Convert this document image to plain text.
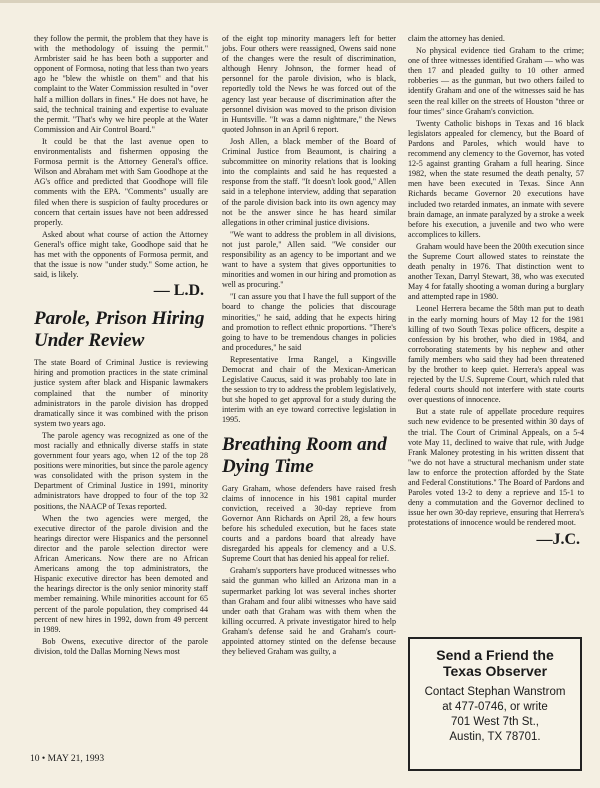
they follow the permit, the problem that they have is with the methodology of issuing the permit." Armbrister said he has been both a supporter and opponent of Formosa, noting that less than two years ago he "blew the whistle on them" and that his complaint to the Water Commission resulted in "over half a million dollars in fines." He does not have, he said, the technical training and expertise to evaluate the permit. "That's why we hire people at the Water Commission and Air Control Board."

It could be that the last avenue open to environmentalists and fishermen opposing the Formosa permit is the Attorney General's office. Wilson and Abraham met with Sam Goodhope at the AG's office and predicted that Goodhope will file comments with the EPA. "Comments" usually are filed when there is suspicion of faulty procedures or concern that certain issues have not been addressed properly.

Asked about what course of action the Attorney General's office might take, Goodhope said that he has met with the opponents of Formosa permit, and that the issue is now "under study." Some action, he said, is likely.

— L.D.
Parole, Prison Hiring Under Review

The state Board of Criminal Justice is reviewing hiring and promotion practices in the state criminal justice system after black and Hispanic lawmakers complained that the number of minority administrators in the parole division has dropped dramatically since it was combined with the prison system two years ago.

The parole agency was recognized as one of the most racially and ethnically diverse staffs in state government four years ago, when 12 of the top 28 positions were minorities, but since the parole agency was consolidated with the prison system in the Department of Criminal Justice in 1991, minority administrators have dropped to four of the top 32 positions, the NAACP of Texas reported.

When the two agencies were merged, the executive director of the parole division and the hearings director were Hispanics and the personnel director and the parole selection director were African Americans. Now there are no African Americans among the top administrators, the Hispanic executive director has been demoted and the hearings director is the only senior minority staff member remaining. While minorities account for 65 percent of the parole population, they comprised 44 percent of new hires in 1992, down from 49 percent in 1989.

Bob Owens, executive director of the parole division, told the Dallas Morning News most

of the eight top minority managers left for better jobs. Four others were reassigned, Owens said none of the changes were the result of discrimination, although Henry Johnson, the former head of personnel for the parole division, who is black, reportedly told the News he was forced out of the agency last year because of discrimination after the personnel division was moved to the prison division in Huntsville. "It was a damn nightmare," the News quoted Johnson in an April 6 report.

Josh Allen, a black member of the Board of Criminal Justice from Beaumont, is chairing a subcommittee on minority relations that is looking into the complaints and said he has requested a response from the staff. "It doesn't look good," Allen said in a telephone interview, adding that separation of the parole division back into its own agency may not be the answer since he has heard similar allegations in other criminal justice divisions.

"We want to address the problem in all divisions, not just parole," Allen said. "We consider our responsibility as an agency to be important and we want to have a system that gives opportunities to minorities and women in our hiring and promotion as well as procuring."

"I can assure you that I have the full support of the board to change the policies that discourage minorities," he said, adding that he expects hiring and promotion to reflect ethnic proportions. "There's going to have to be tremendous changes in policies and procedures," he said

Representative Irma Rangel, a Kingsville Democrat and chair of the Mexican-American Legislative Caucus, said it was probably too late in the session to try to address the problem legislatively, but she hoped to get approval for a study during the interim with an eye toward corrective legislation in 1995.

Breathing Room and Dying Time

Gary Graham, whose defenders have raised fresh claims of innocence in his 1981 capital murder conviction, received a 30-day reprieve from Governor Ann Richards on April 28, a few hours before his scheduled execution, but he faces state courts and a pardons board that already have disregarded his appeals for clemency and a U.S. Supreme Court that has denied his appeal for relief.

Graham's supporters have produced witnesses who said the gunman who killed an Arizona man in a supermarket parking lot was several inches shorter than Graham and four alibi witnesses who have said under oath that Graham was with them when the killing occurred. A private investigator hired to help Graham's defense said he and Graham's court-appointed attorney stinted on the defense because they believed Graham was guilty, a

claim the attorney has denied.

No physical evidence tied Graham to the crime; one of three witnesses identified Graham — who was then 17 and pleaded guilty to 10 other armed robberies — as the gunman, but two others failed to identify Graham and one of the witnesses said he has seen the real killer on the streets of Houston "three or four times" since Graham's conviction.

Twenty Catholic bishops in Texas and 16 black legislators appealed for clemency, but the Board of Pardons and Paroles, which would have to recommend any clemency to the Governor, has voted 12-5 against granting Graham a full hearing. Since 1982, when the state resumed the death penalty, 57 men have been executed in Texas. Since Ann Richards became Governor 20 executions have included two retarded inmates, an inmate with severe brain damage, an inmate paralyzed by a stroke a week before his execution, a juvenile and two who were accomplices to killers.

Graham would have been the 200th execution since the Supreme Court allowed states to reinstate the death penalty in 1976. That distinction went to another Texan, Darryl Stewart, 38, who was executed May 4 for fatally shooting a woman during a burglary and attempted rape in 1980.

Leonel Herrera became the 58th man put to death in the early morning hours of May 12 for the 1981 killing of two South Texas police officers, despite a confession by his brother, who died in 1984, and corroborating statements by his nephew and other family members who said they had been threatened by the brother to keep quiet. Herrera's appeal was rejected by the U.S. Supreme Court, which ruled that federal courts should not interfere with state courts over questions of innocence.

But a state rule of appellate procedure requires such new evidence to be presented within 30 days of the trial. The Court of Criminal Appeals, on a 5-4 vote May 11, declined to waive that rule, with Judge Frank Maloney protesting in his written dissent that "we do not have a structural mechanism under state law to enforce the protection afforded by the State and Federal Constitutions." The Board of Pardons and Paroles voted 13-2 to deny a reprieve and 15-1 to deny a commutation and the Governor declined to issue her own 30-day reprieve, ensuring that Herrera's protestations of innocence would be rendered moot.

—J.C.
Send a Friend the
Texas Observer
Contact Stephan Wanstrom
at 477-0746, or write
701 West 7th St.,
Austin, TX 78701.
10 • MAY 21, 1993
